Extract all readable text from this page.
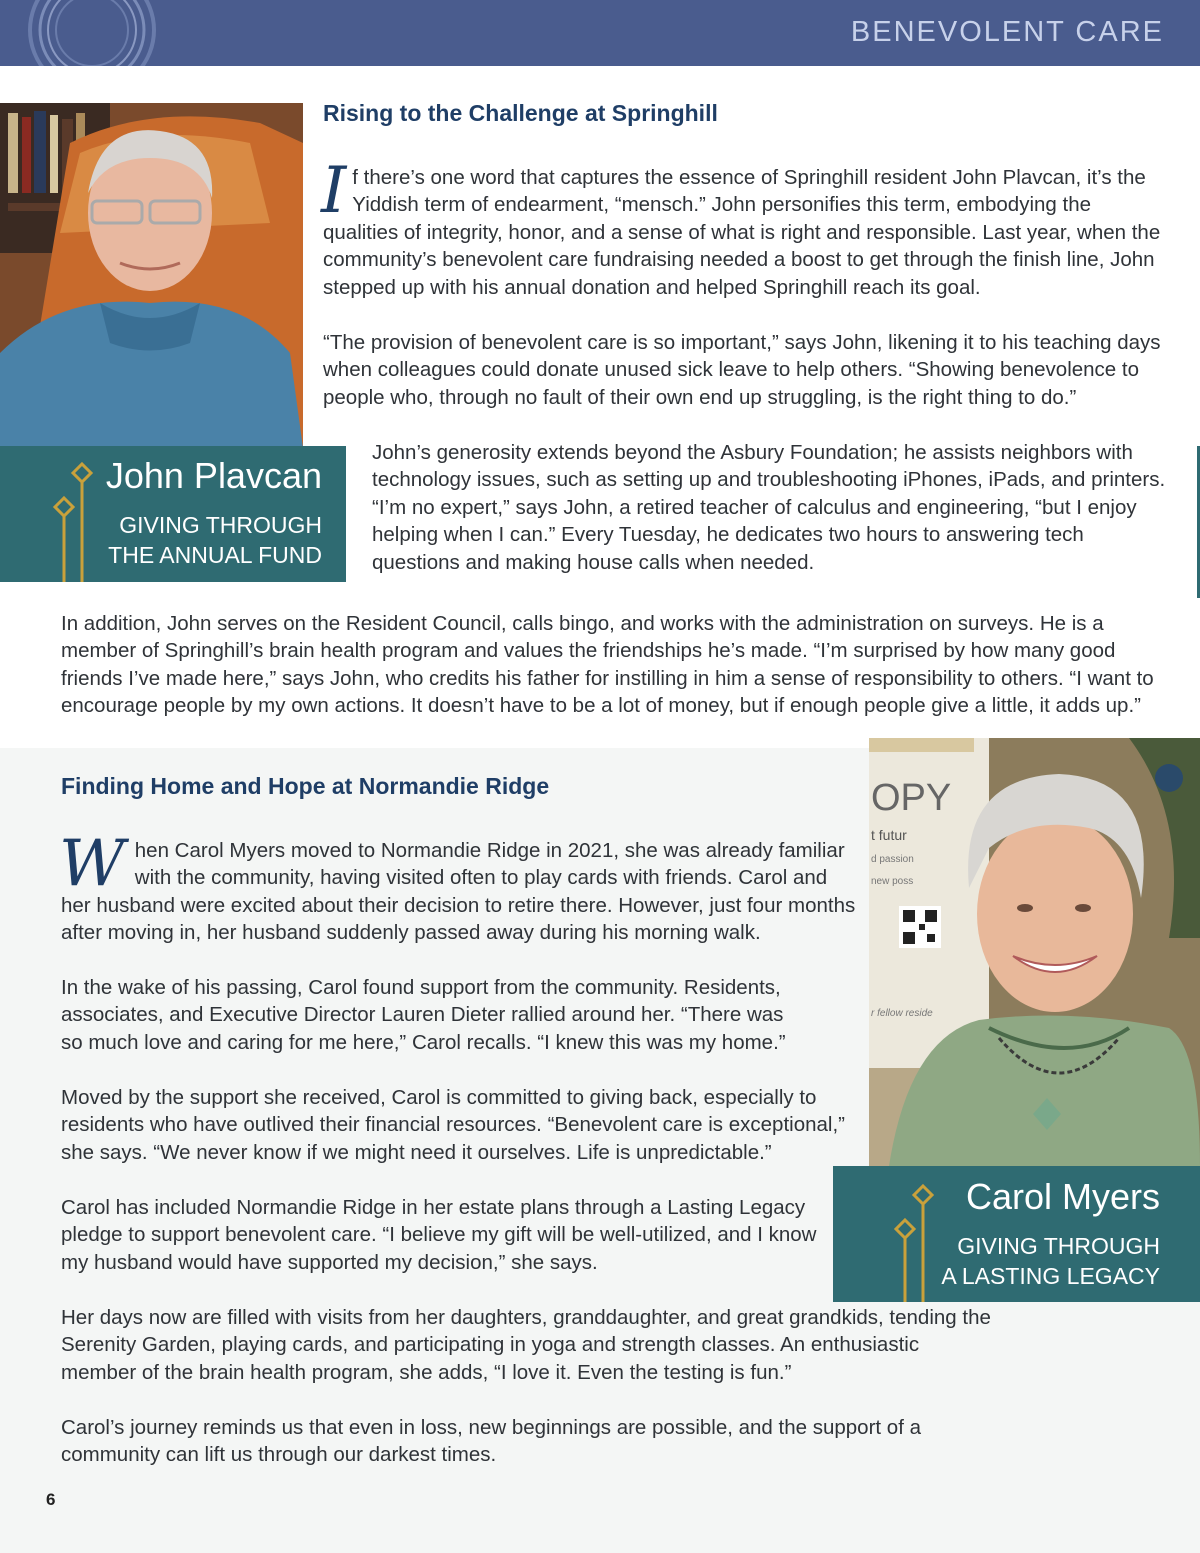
BENEVOLENT CARE
John Plavcan
GIVING THROUGH
THE ANNUAL FUND
Rising to the Challenge at Springhill
If there’s one word that captures the essence of Springhill resident John Plavcan, it’s the Yiddish term of endearment, “mensch.” John personifies this term, embodying the qualities of integrity, honor, and a sense of what is right and responsible. Last year, when the community’s benevolent care fundraising needed a boost to get through the finish line, John stepped up with his annual donation and helped Springhill reach its goal.
“The provision of benevolent care is so important,” says John, likening it to his teaching days when colleagues could donate unused sick leave to help others. “Showing benevolence to people who, through no fault of their own end up struggling, is the right thing to do.”
John’s generosity extends beyond the Asbury Foundation; he assists neighbors with technology issues, such as setting up and troubleshooting iPhones, iPads, and printers. “I’m no expert,” says John, a retired teacher of calculus and engineering, “but I enjoy helping when I can.” Every Tuesday, he dedicates two hours to answering tech questions and making house calls when needed.
In addition, John serves on the Resident Council, calls bingo, and works with the administration on surveys. He is a member of Springhill’s brain health program and values the friendships he’s made. “I’m surprised by how many good friends I’ve made here,” says John, who credits his father for instilling in him a sense of responsibility to others. “I want to encourage people by my own actions. It doesn’t have to be a lot of money, but if enough people give a little, it adds up.”
OPY
t futur
d passion
new poss
r fellow reside
Carol Myers
GIVING THROUGH
A LASTING LEGACY
Finding Home and Hope at Normandie Ridge
When Carol Myers moved to Normandie Ridge in 2021, she was already familiar with the community, having visited often to play cards with friends. Carol and her husband were excited about their decision to retire there. However, just four months after moving in, her husband suddenly passed away during his morning walk.
In the wake of his passing, Carol found support from the community. Residents, associates, and Executive Director Lauren Dieter rallied around her. “There was so much love and caring for me here,” Carol recalls. “I knew this was my home.”
Moved by the support she received, Carol is committed to giving back, especially to residents who have outlived their financial resources. “Benevolent care is exceptional,” she says. “We never know if we might need it ourselves. Life is unpredictable.”
Carol has included Normandie Ridge in her estate plans through a Lasting Legacy pledge to support benevolent care. “I believe my gift will be well-utilized, and I know my husband would have supported my decision,” she says.
Her days now are filled with visits from her daughters, granddaughter, and great grandkids, tending the Serenity Garden, playing cards, and participating in yoga and strength classes. An enthusiastic member of the brain health program, she adds, “I love it. Even the testing is fun.”
Carol’s journey reminds us that even in loss, new beginnings are possible, and the support of a community can lift us through our darkest times.
6
